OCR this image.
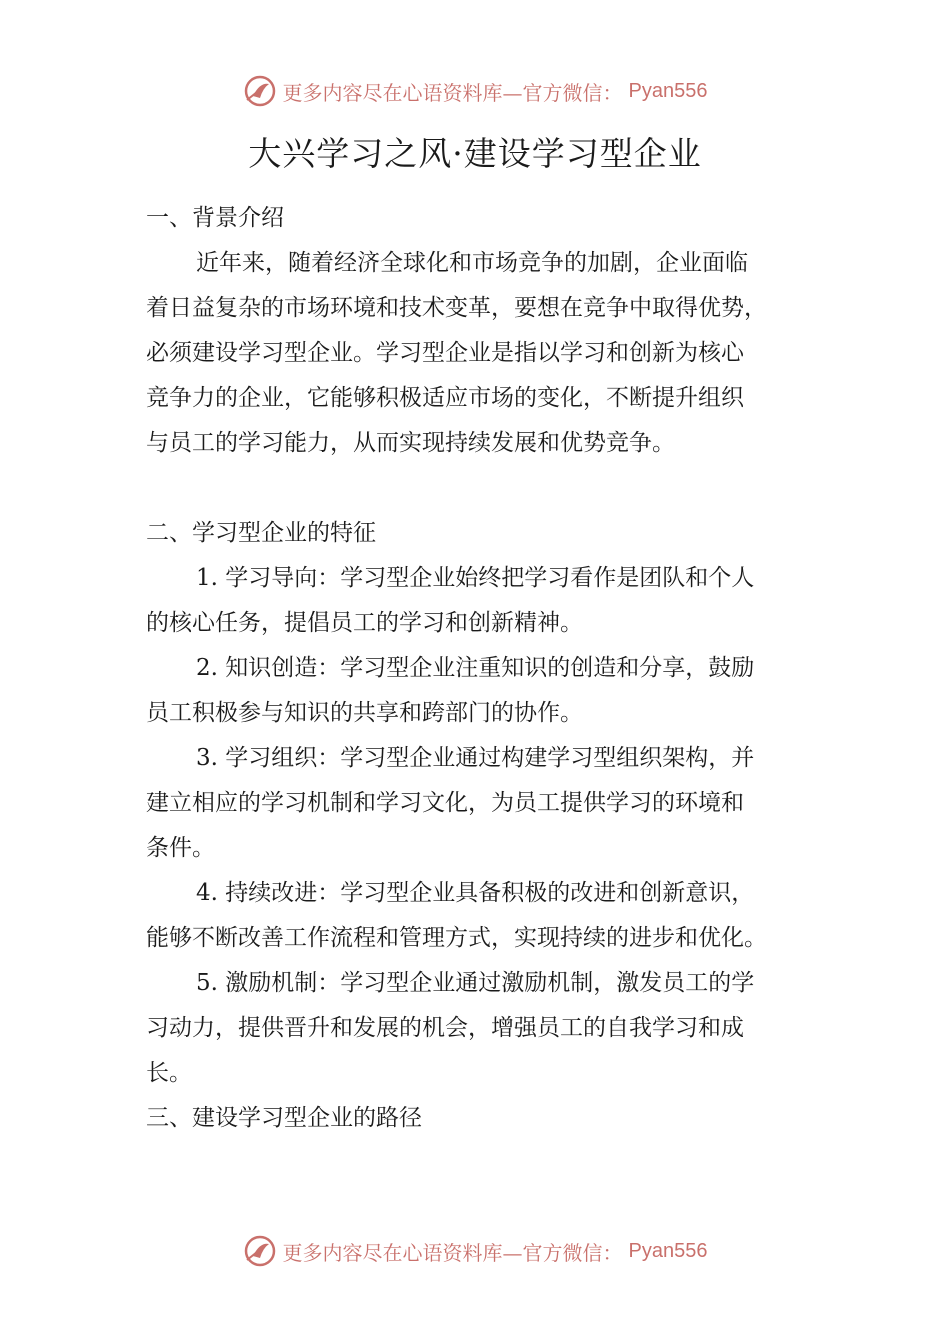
更多内容尽在心语资料库—官方微信： Pyan556
大兴学习之风·建设学习型企业
一、背景介绍
近年来，随着经济全球化和市场竞争的加剧，企业面临
着日益复杂的市场环境和技术变革，要想在竞争中取得优势，
必须建设学习型企业。学习型企业是指以学习和创新为核心
竞争力的企业，它能够积极适应市场的变化，不断提升组织
与员工的学习能力，从而实现持续发展和优势竞争。
二、学习型企业的特征
1. 学习导向：学习型企业始终把学习看作是团队和个人
的核心任务，提倡员工的学习和创新精神。
2. 知识创造：学习型企业注重知识的创造和分享，鼓励
员工积极参与知识的共享和跨部门的协作。
3. 学习组织：学习型企业通过构建学习型组织架构，并
建立相应的学习机制和学习文化，为员工提供学习的环境和
条件。
4. 持续改进：学习型企业具备积极的改进和创新意识，
能够不断改善工作流程和管理方式，实现持续的进步和优化。
5. 激励机制：学习型企业通过激励机制，激发员工的学
习动力，提供晋升和发展的机会，增强员工的自我学习和成
长。
三、建设学习型企业的路径
更多内容尽在心语资料库—官方微信： Pyan556
